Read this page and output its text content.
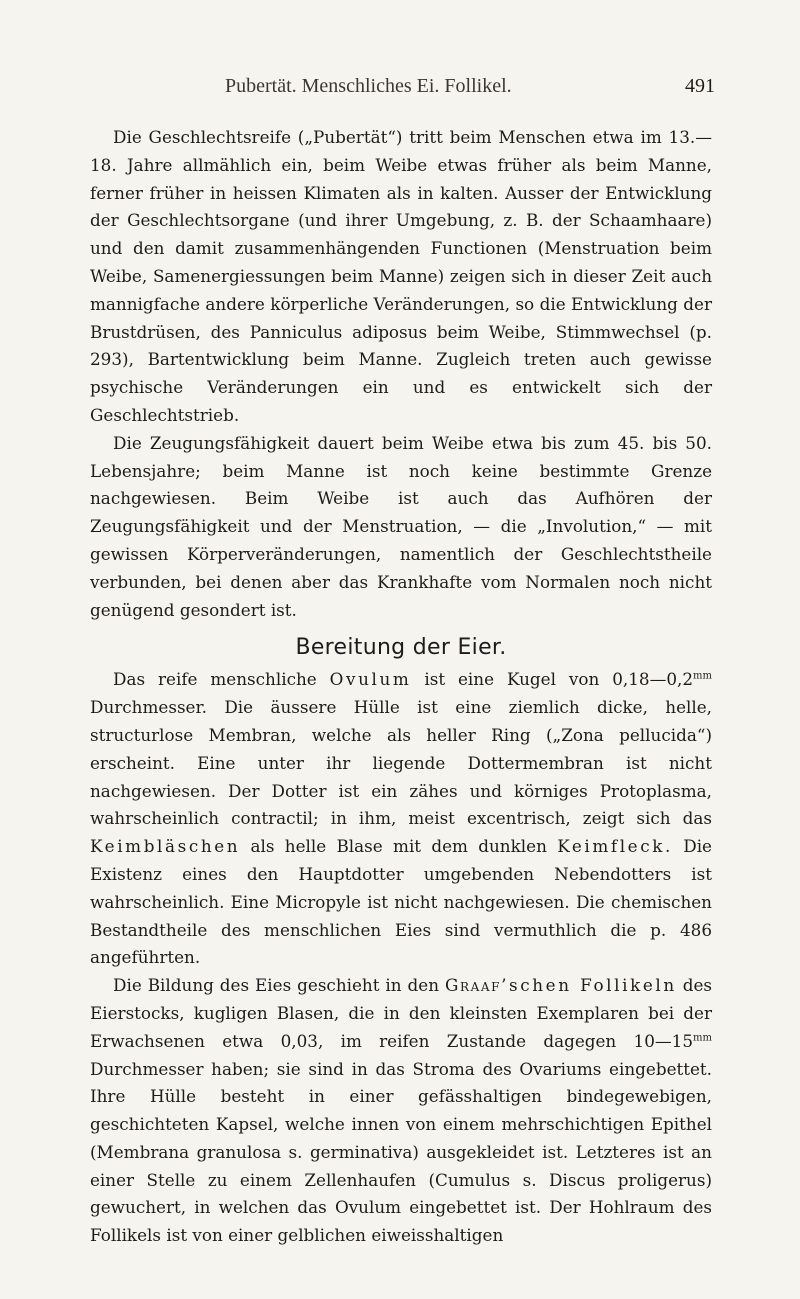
Pubertät. Menschliches Ei. Follikel.	491

Die Geschlechtsreife („Pubertät“) tritt beim Menschen etwa im 13.—18. Jahre allmählich ein, beim Weibe etwas früher als beim Manne, ferner früher in heissen Klimaten als in kalten. Ausser der Entwicklung der Geschlechtsorgane (und ihrer Umgebung, z. B. der Schaamhaare) und den damit zusammenhängenden Functionen (Menstruation beim Weibe, Samenergiessungen beim Manne) zeigen sich in dieser Zeit auch mannigfache andere körperliche Veränderungen, so die Entwicklung der Brustdrüsen, des Panniculus adiposus beim Weibe, Stimmwechsel (p. 293), Bartentwicklung beim Manne. Zugleich treten auch gewisse psychische Veränderungen ein und es entwickelt sich der Geschlechtstrieb.

Die Zeugungsfähigkeit dauert beim Weibe etwa bis zum 45. bis 50. Lebensjahre; beim Manne ist noch keine bestimmte Grenze nachgewiesen. Beim Weibe ist auch das Aufhören der Zeugungsfähigkeit und der Menstruation, — die „Involution,“ — mit gewissen Körperveränderungen, namentlich der Geschlechtstheile verbunden, bei denen aber das Krankhafte vom Normalen noch nicht genügend gesondert ist.

Bereitung der Eier.

Das reife menschliche Ovulum ist eine Kugel von $0,18—0,2^{mm}$ Durchmesser. Die äussere Hülle ist eine ziemlich dicke, helle, structurlose Membran, welche als heller Ring („Zona pellucida“) erscheint. Eine unter ihr liegende Dottermembran ist nicht nachgewiesen. Der Dotter ist ein zähes und körniges Protoplasma, wahrscheinlich contractil; in ihm, meist excentrisch, zeigt sich das Keimbläschen als helle Blase mit dem dunklen Keimfleck. Die Existenz eines den Hauptdotter umgebenden Nebendotters ist wahrscheinlich. Eine Micropyle ist nicht nachgewiesen. Die chemischen Bestandtheile des menschlichen Eies sind vermuthlich die p. 486 angeführten.

Die Bildung des Eies geschieht in den Graaf’schen Follikeln des Eierstocks, kugligen Blasen, die in den kleinsten Exemplaren bei der Erwachsenen etwa 0,03, im reifen Zustande dagegen $10—15^{mm}$ Durchmesser haben; sie sind in das Stroma des Ovariums eingebettet. Ihre Hülle besteht in einer gefässhaltigen bindegewebigen, geschichteten Kapsel, welche innen von einem mehrschichtigen Epithel (Membrana granulosa s. germinativa) ausgekleidet ist. Letzteres ist an einer Stelle zu einem Zellenhaufen (Cumulus s. Discus proligerus) gewuchert, in welchen das Ovulum eingebettet ist. Der Hohlraum des Follikels ist von einer gelblichen eiweisshaltigen
